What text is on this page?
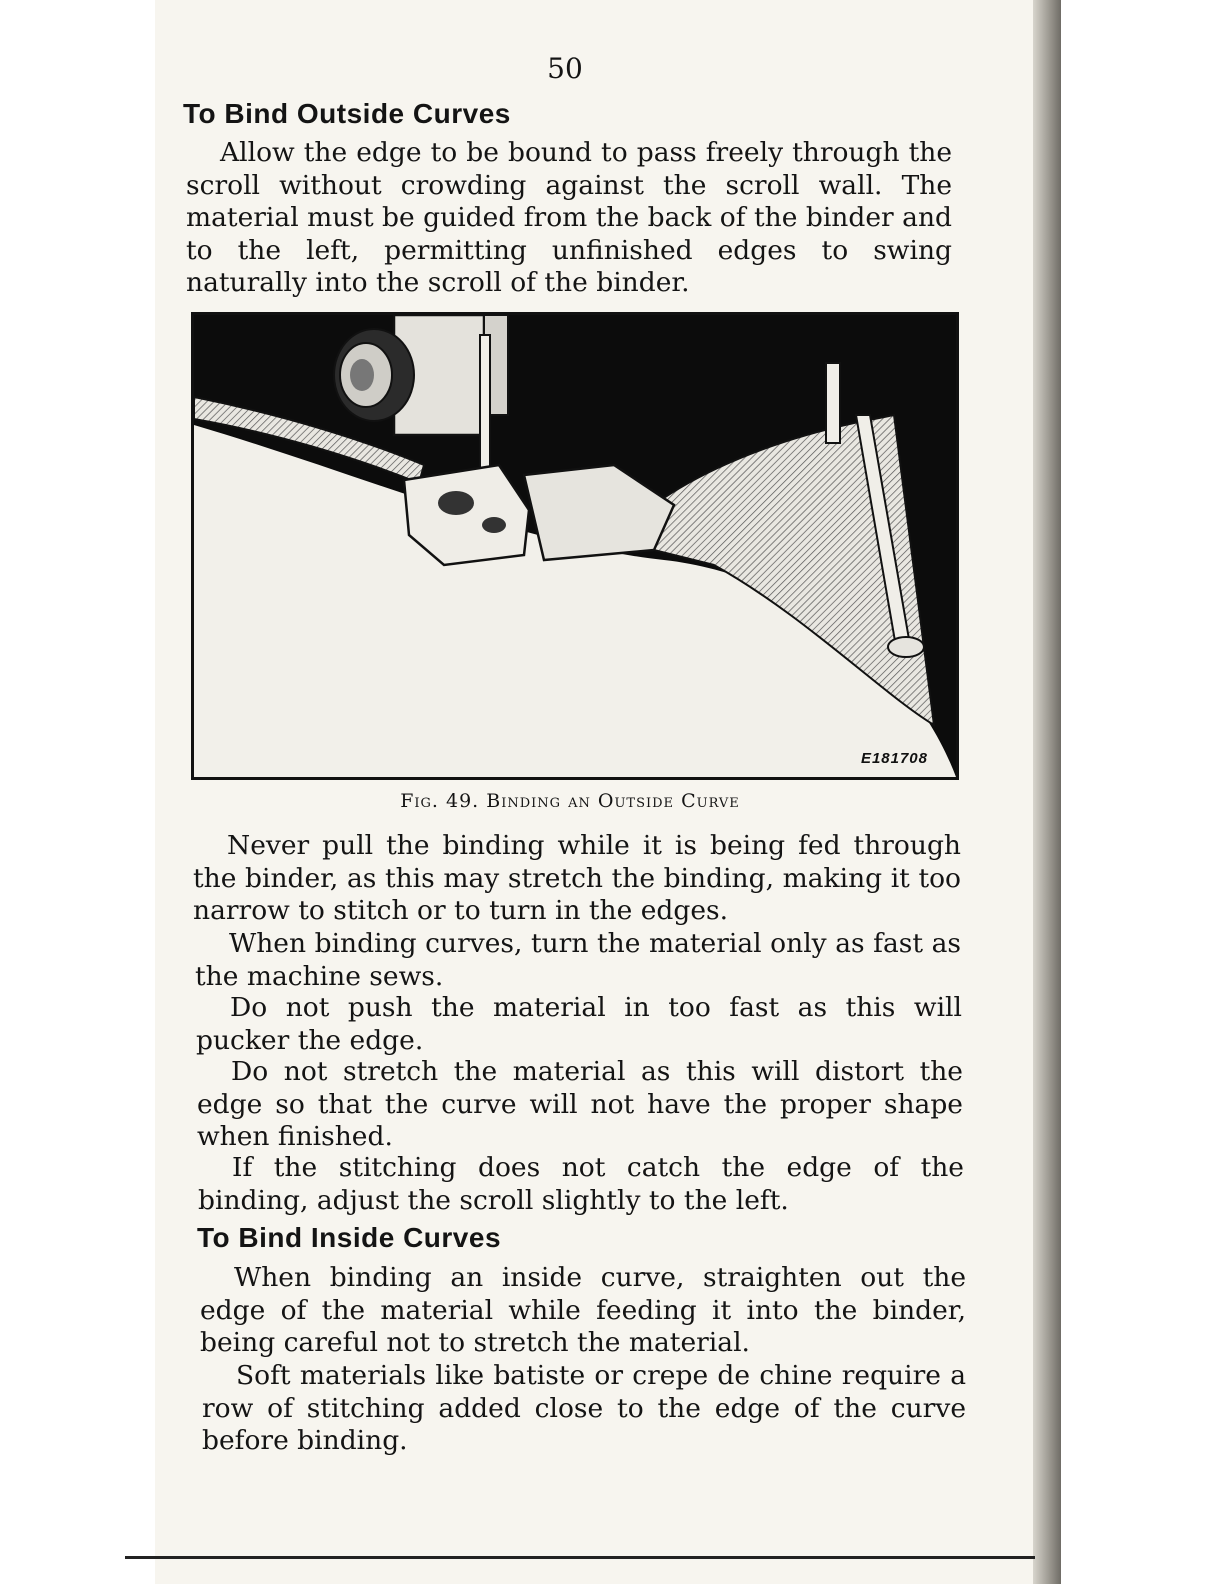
50
To Bind Outside Curves

Allow the edge to be bound to pass freely through the scroll without crowding against the scroll wall. The material must be guided from the back of the binder and to the left, permitting unfinished edges to swing naturally into the scroll of the binder.

E181708
Fig. 49. Binding an Outside Curve

Never pull the binding while it is being fed through the binder, as this may stretch the binding, making it too narrow to stitch or to turn in the edges.

When binding curves, turn the material only as fast as the machine sews.

Do not push the material in too fast as this will pucker the edge.

Do not stretch the material as this will distort the edge so that the curve will not have the proper shape when finished.

If the stitching does not catch the edge of the binding, adjust the scroll slightly to the left.

To Bind Inside Curves

When binding an inside curve, straighten out the edge of the material while feeding it into the binder, being careful not to stretch the material.

Soft materials like batiste or crepe de chine require a row of stitching added close to the edge of the curve before binding.
